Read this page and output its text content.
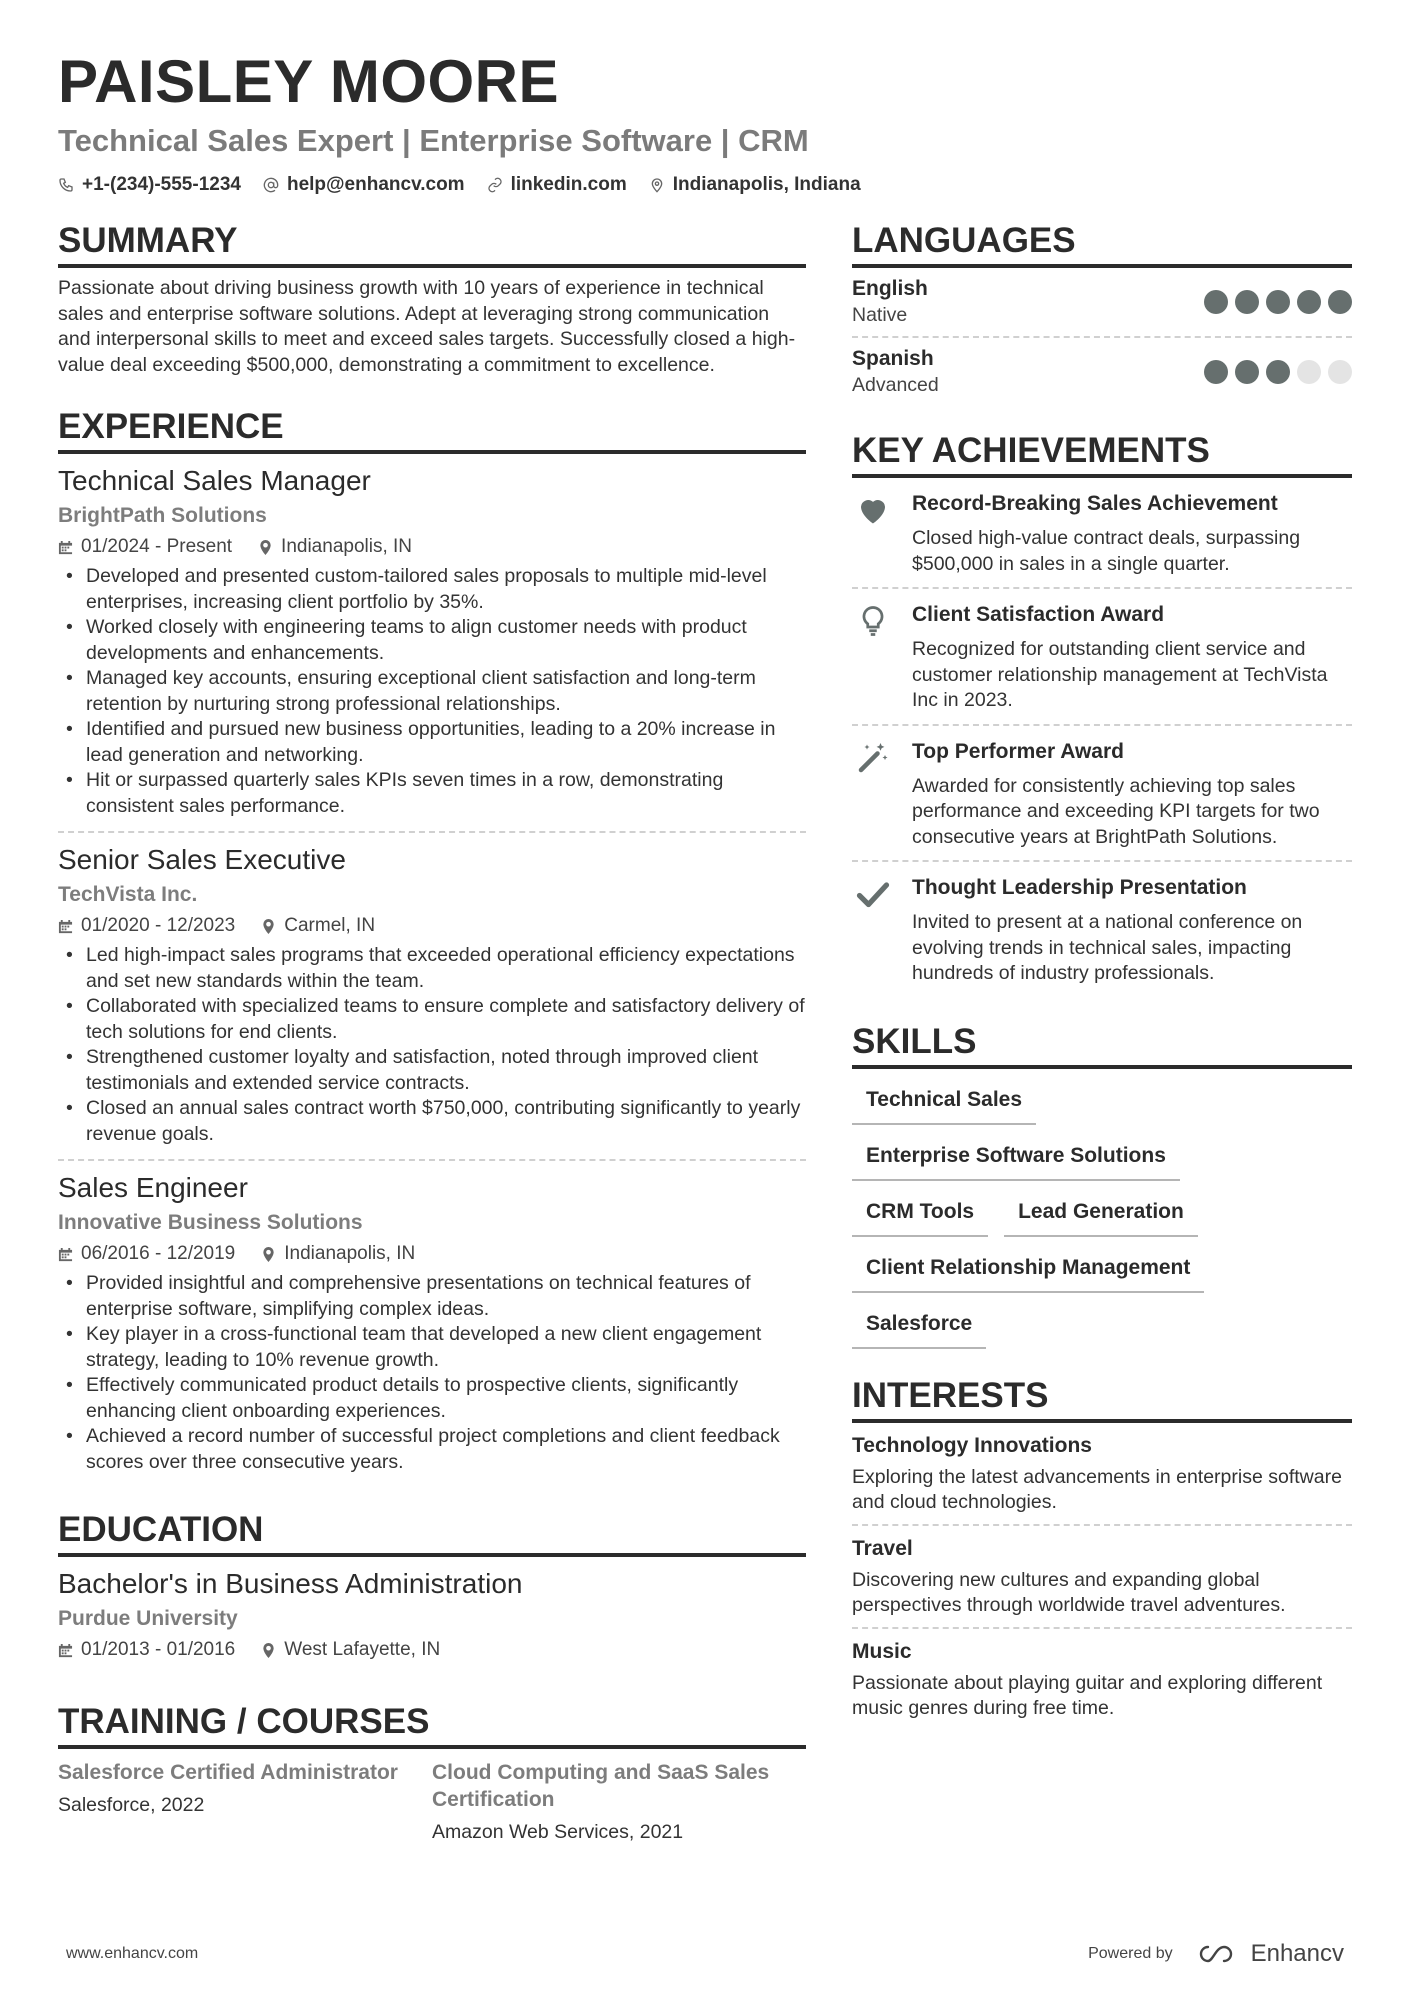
PAISLEY MOORE
Technical Sales Expert | Enterprise Software | CRM
+1-(234)-555-1234 help@enhancv.com linkedin.com Indianapolis, Indiana
SUMMARY

Passionate about driving business growth with 10 years of experience in technical sales and enterprise software solutions. Adept at leveraging strong communication and interpersonal skills to meet and exceed sales targets. Successfully closed a high-value deal exceeding $500,000, demonstrating a commitment to excellence.

EXPERIENCE
Technical Sales Manager
BrightPath Solutions
01/2024 - Present	Indianapolis, IN
• Developed and presented custom-tailored sales proposals to multiple mid-level enterprises, increasing client portfolio by 35%.
• Worked closely with engineering teams to align customer needs with product developments and enhancements.
• Managed key accounts, ensuring exceptional client satisfaction and long-term retention by nurturing strong professional relationships.
• Identified and pursued new business opportunities, leading to a 20% increase in lead generation and networking.
• Hit or surpassed quarterly sales KPIs seven times in a row, demonstrating consistent sales performance.
Senior Sales Executive
TechVista Inc.
01/2020 - 12/2023	Carmel, IN
• Led high-impact sales programs that exceeded operational efficiency expectations and set new standards within the team.
• Collaborated with specialized teams to ensure complete and satisfactory delivery of tech solutions for end clients.
• Strengthened customer loyalty and satisfaction, noted through improved client testimonials and extended service contracts.
• Closed an annual sales contract worth $750,000, contributing significantly to yearly revenue goals.
Sales Engineer
Innovative Business Solutions
06/2016 - 12/2019	Indianapolis, IN
• Provided insightful and comprehensive presentations on technical features of enterprise software, simplifying complex ideas.
• Key player in a cross-functional team that developed a new client engagement strategy, leading to 10% revenue growth.
• Effectively communicated product details to prospective clients, significantly enhancing client onboarding experiences.
• Achieved a record number of successful project completions and client feedback scores over three consecutive years.
EDUCATION
Bachelor's in Business Administration
Purdue University
01/2013 - 01/2016	West Lafayette, IN
TRAINING / COURSES
Salesforce Certified Administrator
Salesforce, 2022
Cloud Computing and SaaS Sales Certification
Amazon Web Services, 2021
LANGUAGES
English
Native
Spanish
Advanced
KEY ACHIEVEMENTS
Record-Breaking Sales Achievement
Closed high-value contract deals, surpassing $500,000 in sales in a single quarter.
Client Satisfaction Award
Recognized for outstanding client service and customer relationship management at TechVista Inc in 2023.
Top Performer Award
Awarded for consistently achieving top sales performance and exceeding KPI targets for two consecutive years at BrightPath Solutions.
Thought Leadership Presentation
Invited to present at a national conference on evolving trends in technical sales, impacting hundreds of industry professionals.
SKILLS
Technical Sales
Enterprise Software Solutions
CRM Tools	Lead Generation
Client Relationship Management
Salesforce
INTERESTS
Technology Innovations
Exploring the latest advancements in enterprise software and cloud technologies.
Travel
Discovering new cultures and expanding global perspectives through worldwide travel adventures.
Music
Passionate about playing guitar and exploring different music genres during free time.
www.enhancv.com	Powered by	Enhancv
